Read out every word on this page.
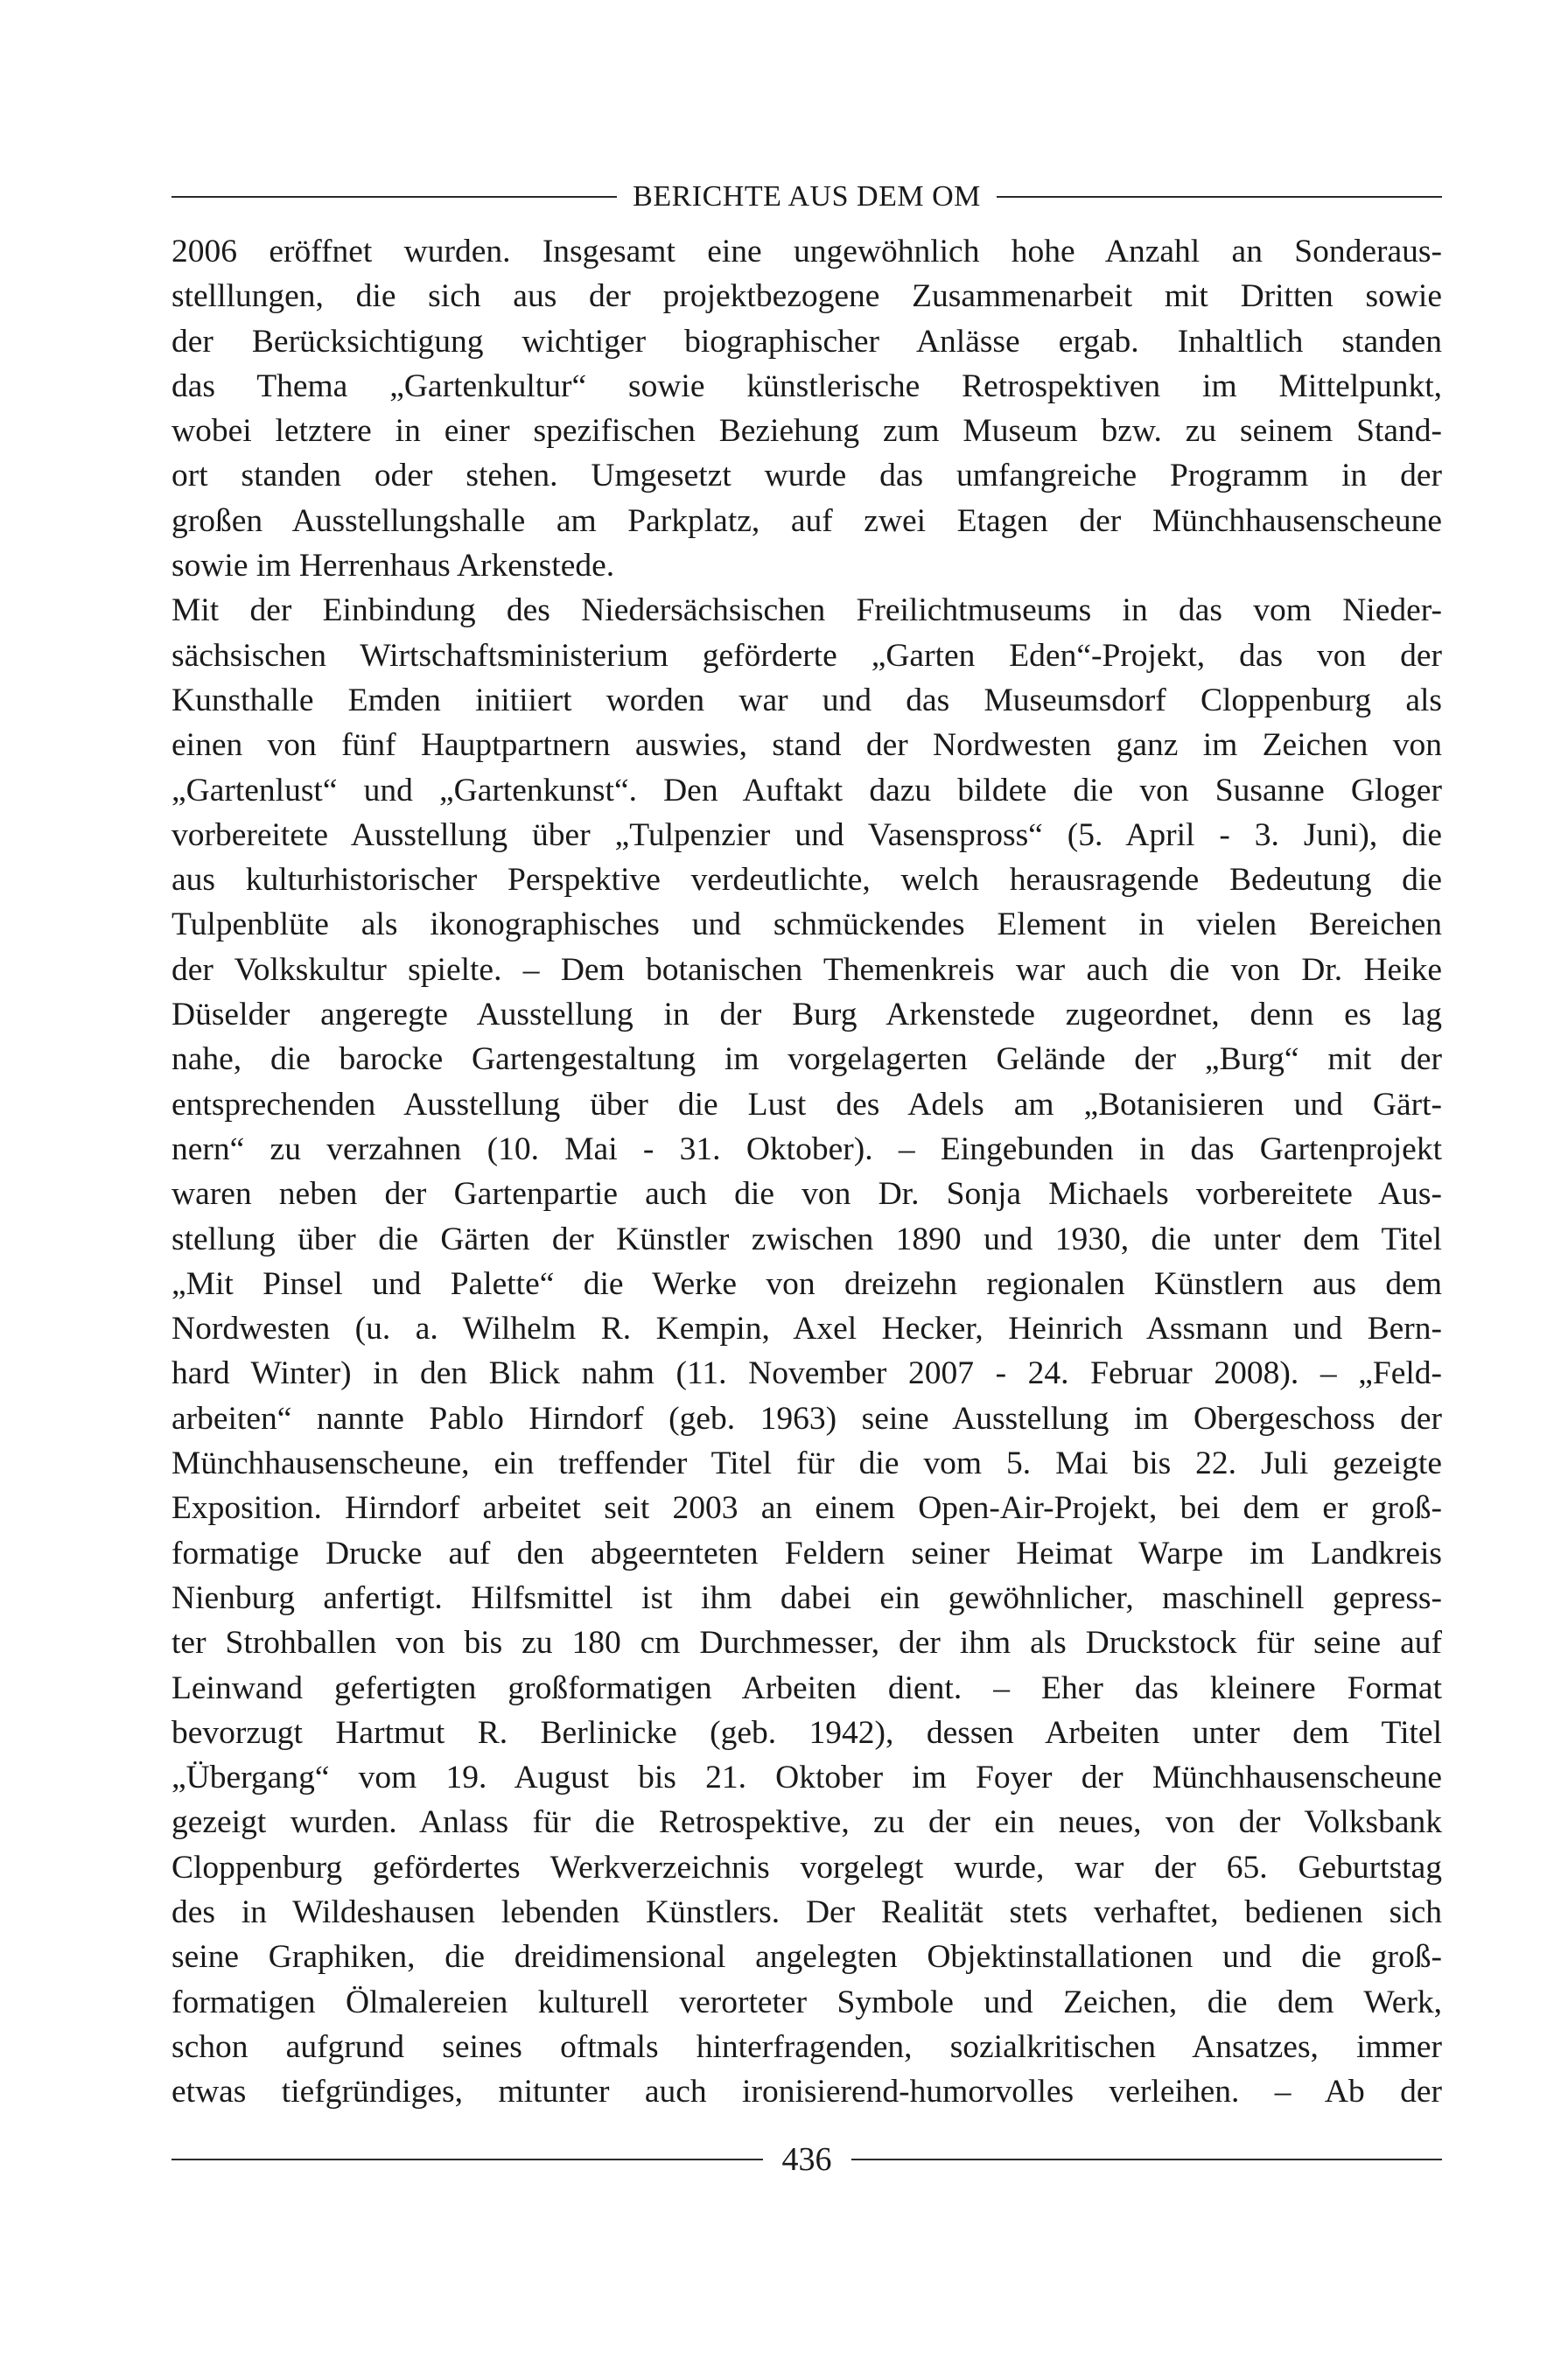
BERICHTE AUS DEM OM
2006 eröffnet wurden. Insgesamt eine ungewöhnlich hohe Anzahl an Sonderaus-
stelllungen, die sich aus der projektbezogene Zusammenarbeit mit Dritten sowie
der Berücksichtigung wichtiger biographischer Anlässe ergab. Inhaltlich standen
das Thema „Gartenkultur“ sowie künstlerische Retrospektiven im Mittelpunkt,
wobei letztere in einer spezifischen Beziehung zum Museum bzw. zu seinem Stand-
ort standen oder stehen. Umgesetzt wurde das umfangreiche Programm in der
großen Ausstellungshalle am Parkplatz, auf zwei Etagen der Münchhausenscheune
sowie im Herrenhaus Arkenstede.
Mit der Einbindung des Niedersächsischen Freilichtmuseums in das vom Nieder-
sächsischen Wirtschaftsministerium geförderte „Garten Eden“-Projekt, das von der
Kunsthalle Emden initiiert worden war und das Museumsdorf Cloppenburg als
einen von fünf Hauptpartnern auswies, stand der Nordwesten ganz im Zeichen von
„Gartenlust“ und „Gartenkunst“. Den Auftakt dazu bildete die von Susanne Gloger
vorbereitete Ausstellung über „Tulpenzier und Vasenspross“ (5. April - 3. Juni), die
aus kulturhistorischer Perspektive verdeutlichte, welch herausragende Bedeutung die
Tulpenblüte als ikonographisches und schmückendes Element in vielen Bereichen
der Volkskultur spielte. – Dem botanischen Themenkreis war auch die von Dr. Heike
Düselder angeregte Ausstellung in der Burg Arkenstede zugeordnet, denn es lag
nahe, die barocke Gartengestaltung im vorgelagerten Gelände der „Burg“ mit der
entsprechenden Ausstellung über die Lust des Adels am „Botanisieren und Gärt-
nern“ zu verzahnen (10. Mai - 31. Oktober). – Eingebunden in das Gartenprojekt
waren neben der Gartenpartie auch die von Dr. Sonja Michaels vorbereitete Aus-
stellung über die Gärten der Künstler zwischen 1890 und 1930, die unter dem Titel
„Mit Pinsel und Palette“ die Werke von dreizehn regionalen Künstlern aus dem
Nordwesten (u. a. Wilhelm R. Kempin, Axel Hecker, Heinrich Assmann und Bern-
hard Winter) in den Blick nahm (11. November 2007 - 24. Februar 2008). – „Feld-
arbeiten“ nannte Pablo Hirndorf (geb. 1963) seine Ausstellung im Obergeschoss der
Münchhausenscheune, ein treffender Titel für die vom 5. Mai bis 22. Juli gezeigte
Exposition. Hirndorf arbeitet seit 2003 an einem Open-Air-Projekt, bei dem er groß-
formatige Drucke auf den abgeernteten Feldern seiner Heimat Warpe im Landkreis
Nienburg anfertigt. Hilfsmittel ist ihm dabei ein gewöhnlicher, maschinell gepress-
ter Strohballen von bis zu 180 cm Durchmesser, der ihm als Druckstock für seine auf
Leinwand gefertigten großformatigen Arbeiten dient. – Eher das kleinere Format
bevorzugt Hartmut R. Berlinicke (geb. 1942), dessen Arbeiten unter dem Titel
„Übergang“ vom 19. August bis 21. Oktober im Foyer der Münchhausenscheune
gezeigt wurden. Anlass für die Retrospektive, zu der ein neues, von der Volksbank
Cloppenburg gefördertes Werkverzeichnis vorgelegt wurde, war der 65. Geburtstag
des in Wildeshausen lebenden Künstlers. Der Realität stets verhaftet, bedienen sich
seine Graphiken, die dreidimensional angelegten Objektinstallationen und die groß-
formatigen Ölmalereien kulturell verorteter Symbole und Zeichen, die dem Werk,
schon aufgrund seines oftmals hinterfragenden, sozialkritischen Ansatzes, immer
etwas tiefgründiges, mitunter auch ironisierend-humorvolles verleihen. – Ab der
436
